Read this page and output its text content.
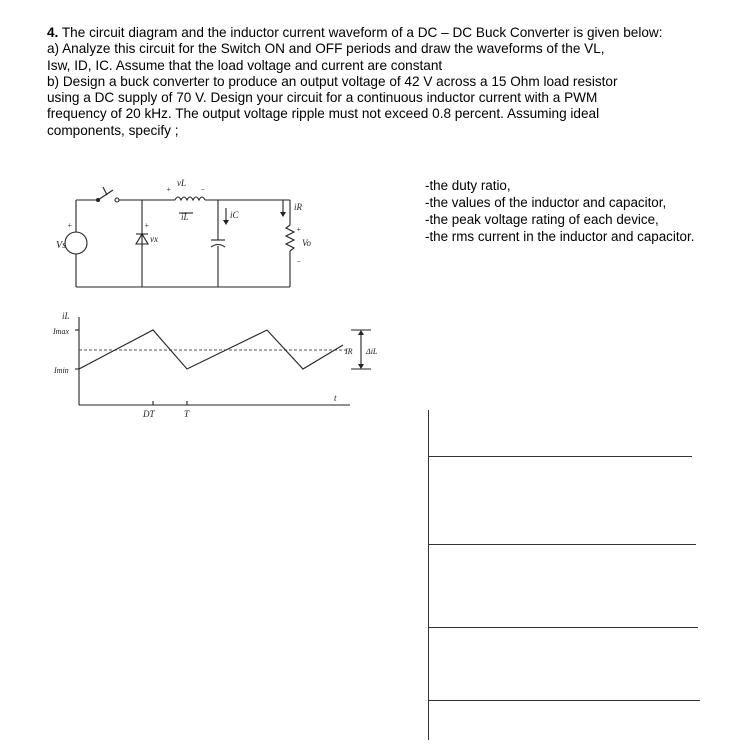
4. The circuit diagram and the inductor current waveform of a DC – DC Buck Converter is given below:

a) Analyze this circuit for the Switch ON and OFF periods and draw the waveforms of the VL,

Isw, ID, IC. Assume that the load voltage and current are constant

b) Design a buck converter to produce an output voltage of 42 V across a 15 Ohm load resistor

using a DC supply of 70 V. Design your circuit for a continuous inductor current with a PWM

frequency of 20 kHz. The output voltage ripple must not exceed 0.8 percent. Assuming ideal

components, specify ;

Vs
+
vL
+	−
iL
vx
+
iC
iR
+
Vo
−
iL
Imax
Imin
DT	T
t
IR ΔiL
-the duty ratio,
-the values of the inductor and capacitor,
-the peak voltage rating of each device,
-the rms current in the inductor and capacitor.
